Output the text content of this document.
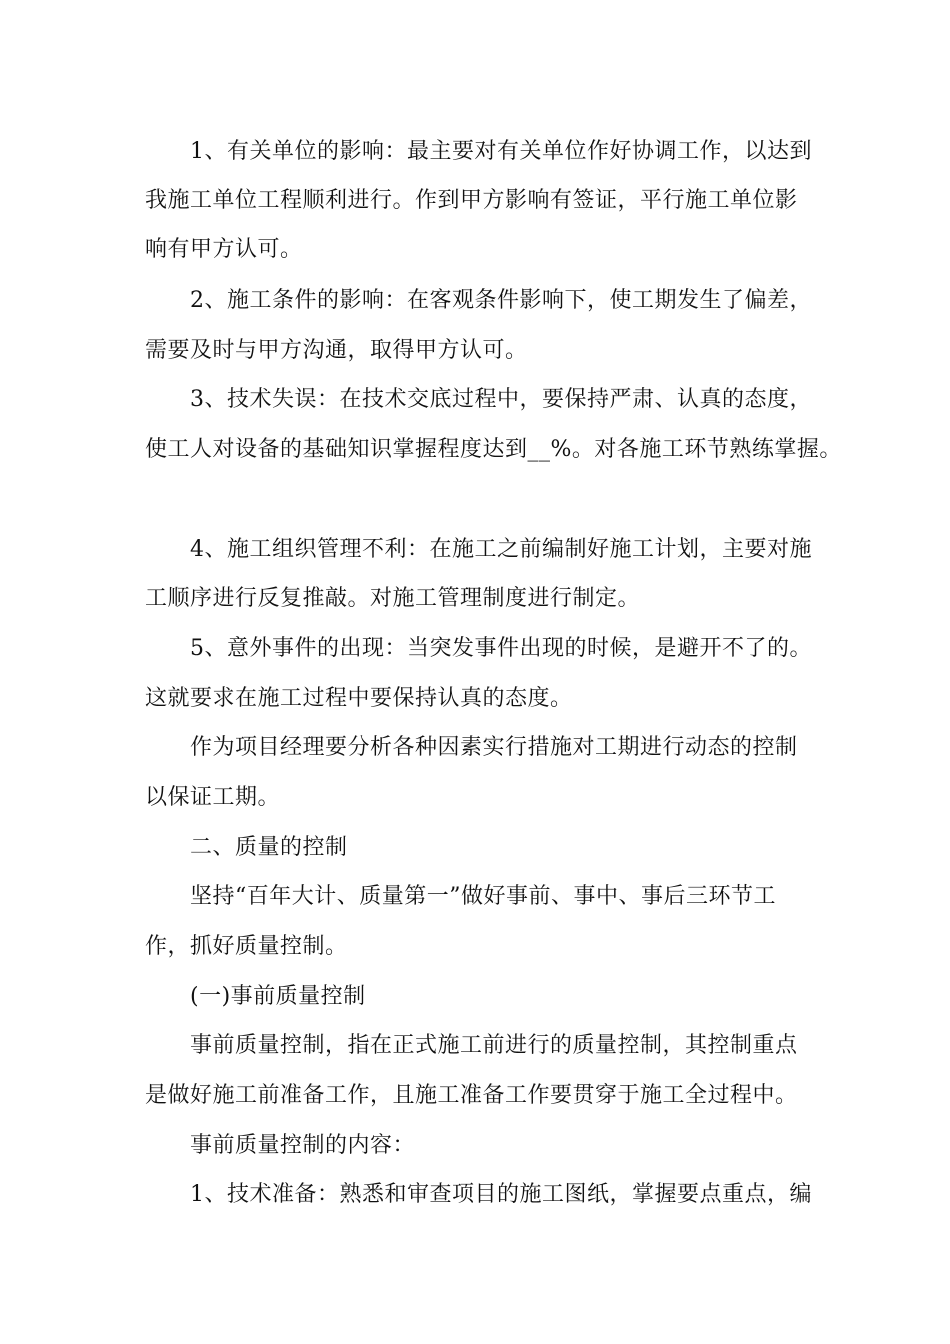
1、有关单位的影响：最主要对有关单位作好协调工作，以达到
我施工单位工程顺利进行。作到甲方影响有签证，平行施工单位影
响有甲方认可。
2、施工条件的影响：在客观条件影响下，使工期发生了偏差，
需要及时与甲方沟通，取得甲方认可。
3、技术失误：在技术交底过程中，要保持严肃、认真的态度，
使工人对设备的基础知识掌握程度达到__%。对各施工环节熟练掌握。
4、施工组织管理不利：在施工之前编制好施工计划，主要对施
工顺序进行反复推敲。对施工管理制度进行制定。
5、意外事件的出现：当突发事件出现的时候，是避开不了的。
这就要求在施工过程中要保持认真的态度。
作为项目经理要分析各种因素实行措施对工期进行动态的控制
以保证工期。
二、质量的控制
坚持“百年大计、质量第一”做好事前、事中、事后三环节工
作，抓好质量控制。
(一)事前质量控制
事前质量控制，指在正式施工前进行的质量控制，其控制重点
是做好施工前准备工作，且施工准备工作要贯穿于施工全过程中。
事前质量控制的内容：
1、技术准备：熟悉和审查项目的施工图纸，掌握要点重点，编
